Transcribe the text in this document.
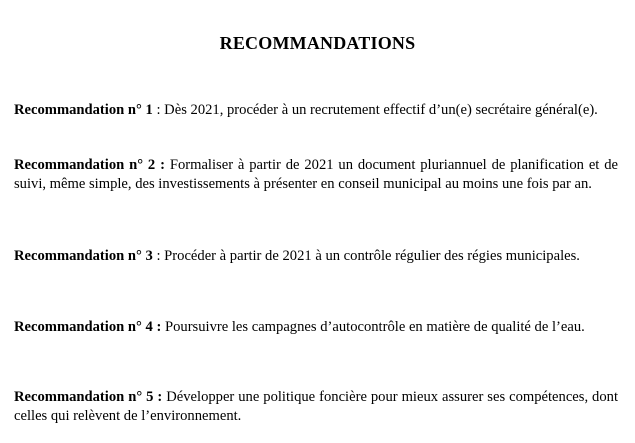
RECOMMANDATIONS

Recommandation n° 1 : Dès 2021, procéder à un recrutement effectif d’un(e) secrétaire général(e).

Recommandation n° 2 : Formaliser à partir de 2021 un document pluriannuel de planification et de suivi, même simple, des investissements à présenter en conseil municipal au moins une fois par an.

Recommandation n° 3 : Procéder à partir de 2021 à un contrôle régulier des régies municipales.

Recommandation n° 4 : Poursuivre les campagnes d’autocontrôle en matière de qualité de l’eau.

Recommandation n° 5 : Développer une politique foncière pour mieux assurer ses compétences, dont celles qui relèvent de l’environnement.
